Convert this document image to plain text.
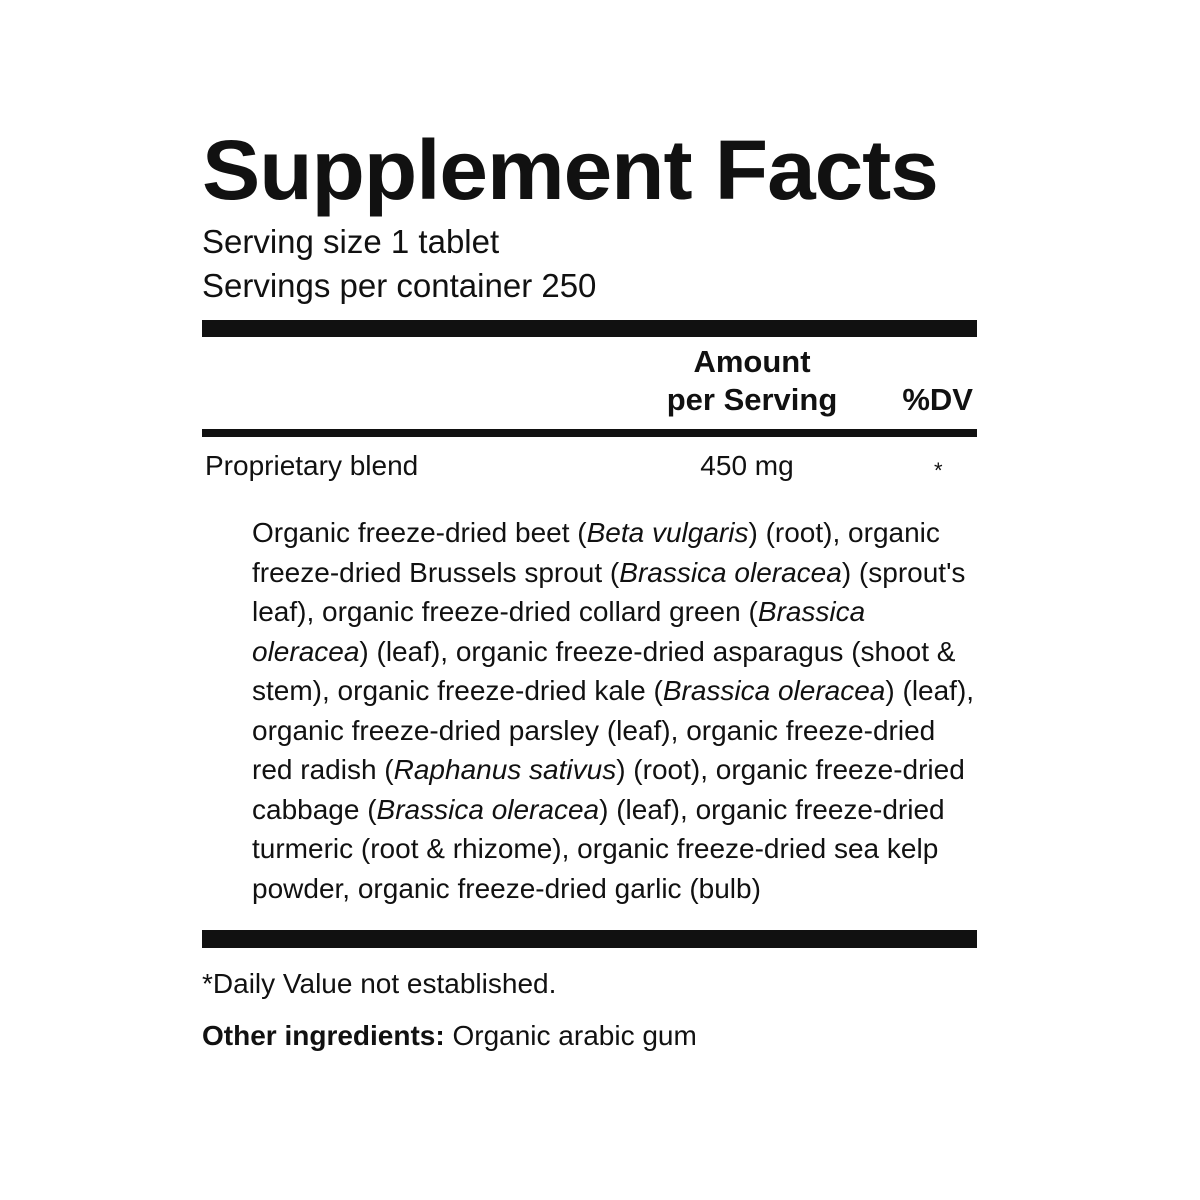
Supplement Facts

Serving size 1 tablet

Servings per container 250

Amount
per Serving	%DV
Proprietary blend	450 mg	*
Organic freeze-dried beet (Beta vulgaris) (root), organic freeze-dried Brussels sprout (Brassica oleracea) (sprout's leaf), organic freeze-dried collard green (Brassica oleracea) (leaf), organic freeze-dried asparagus (shoot & stem), organic freeze-dried kale (Brassica oleracea) (leaf), organic freeze-dried parsley (leaf), organic freeze-dried red radish (Raphanus sativus) (root), organic freeze-dried cabbage (Brassica oleracea) (leaf), organic freeze-dried turmeric (root & rhizome), organic freeze-dried sea kelp powder, organic freeze-dried garlic (bulb)
*Daily Value not established.
Other ingredients: Organic arabic gum
